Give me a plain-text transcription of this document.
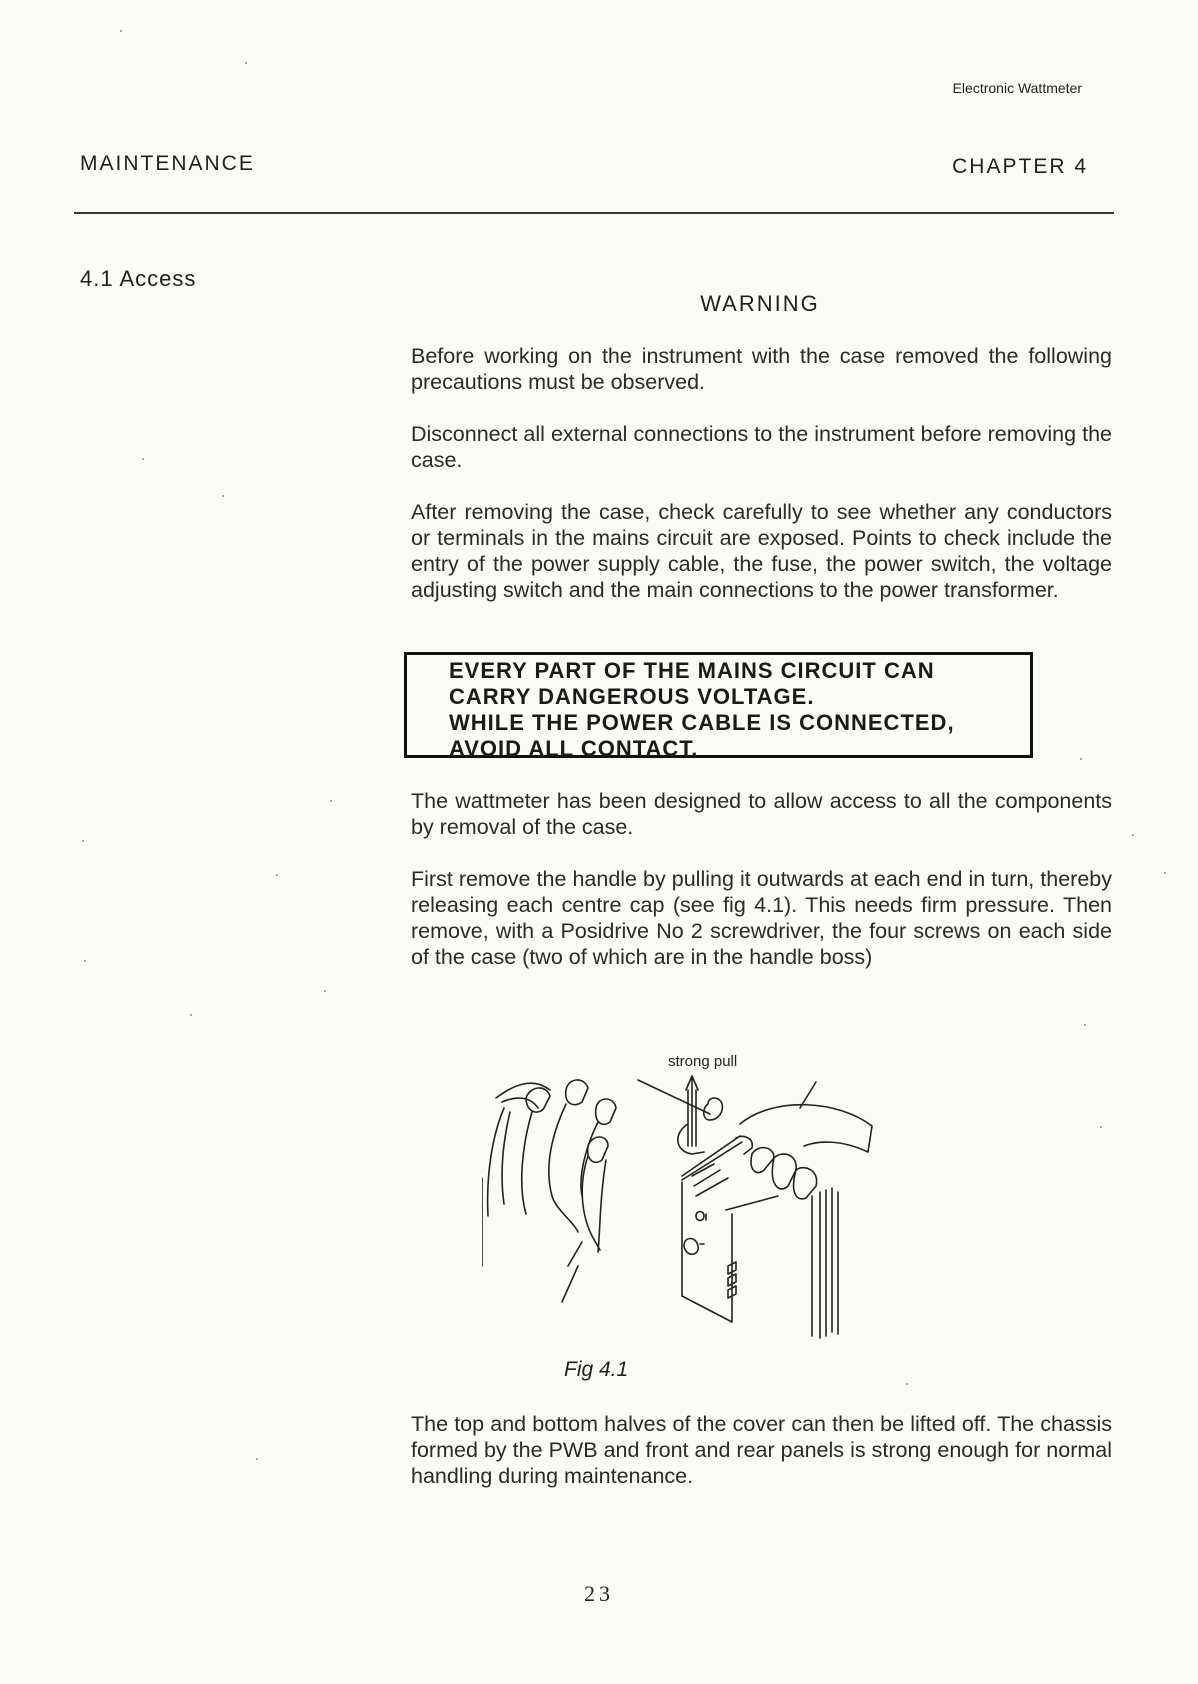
Electronic Wattmeter
MAINTENANCE	CHAPTER 4
4.1 Access
WARNING

Before working on the instrument with the case removed the following precautions must be observed.

Disconnect all external connections to the instrument before removing the case.

After removing the case, check carefully to see whether any conductors or terminals in the mains circuit are exposed. Points to check include the entry of the power supply cable, the fuse, the power switch, the voltage adjusting switch and the main connections to the power transformer.

EVERY PART OF THE MAINS CIRCUIT CAN
CARRY DANGEROUS VOLTAGE.
WHILE THE POWER CABLE IS CONNECTED,
AVOID ALL CONTACT.

The wattmeter has been designed to allow access to all the components by removal of the case.

First remove the handle by pulling it outwards at each end in turn, thereby releasing each centre cap (see fig 4.1). This needs firm pressure. Then remove, with a Posidrive No 2 screwdriver, the four screws on each side of the case (two of which are in the handle boss)

strong pull
Fig 4.1

The top and bottom halves of the cover can then be lifted off. The chassis formed by the PWB and front and rear panels is strong enough for normal handling during maintenance.

23
